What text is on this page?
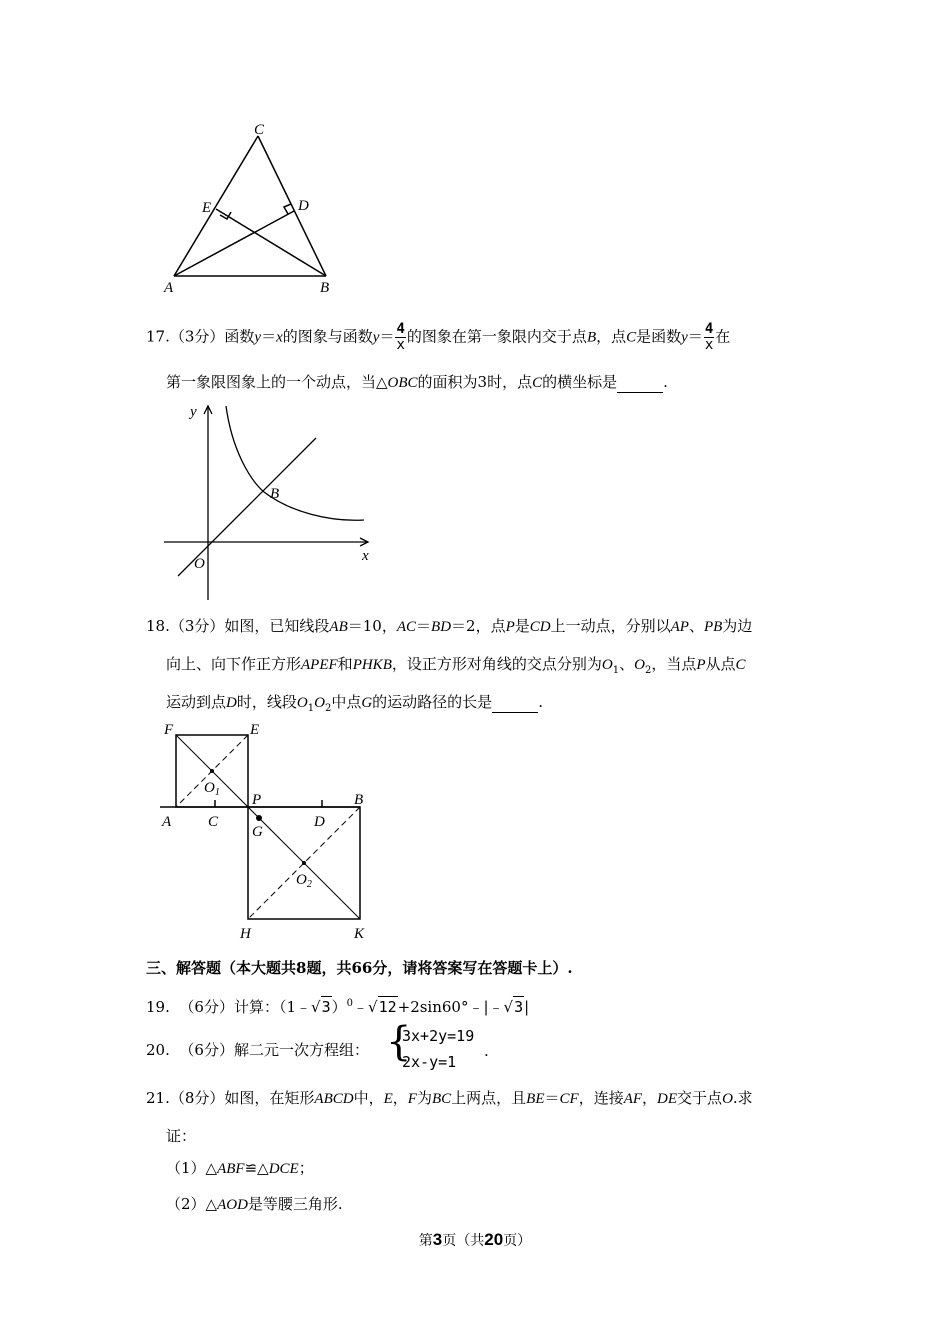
C
E	D
A	B
17.（3分）函数y＝x的图象与函数$y= \frac{4}{x}$ 的图象在第一象限内交于点B，点C是函数$y= \frac{4}{x}$ 在
第一象限图象上的一个动点，当△OBC的面积为3时，点C的横坐标是	.
y
x
O
B
18.（3分）如图，已知线段AB＝10，AC＝BD＝2，点P是CD上一动点，分别以AP、PB为边
向上、向下作正方形APEF和PHKB，设正方形对角线的交点分别为$O_1$、$O_2$，当点P从点C
运动到点D时，线段$O_1O_2$中点G的运动路径的长是	.
F	E
$O_1$
A C
P
G
D
B
$O_2$
H	K
三、解答题（本大题共8题，共66分，请将答案写在答题卡上）.
19. （6分）计算：（1﹣√3）$^0$﹣√12+2sin60°﹣|﹣√3|
20. （6分）解二元一次方程组： {
3x+2y=19
2x-y=1
.
21.（8分）如图，在矩形ABCD中，E，F为BC上两点，且BE＝CF，连接AF，DE交于点O.求
证：
（1）△ABF≌△DCE；
（2）△AOD是等腰三角形.
第3页（共20页）
